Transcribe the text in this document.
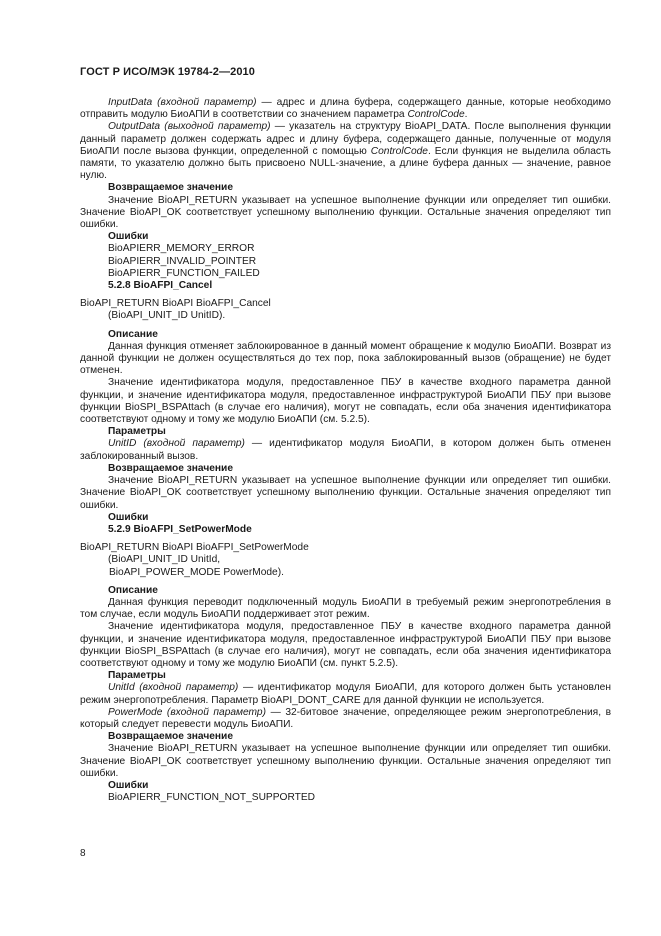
ГОСТ Р ИСО/МЭК 19784-2—2010

InputData (входной параметр) — адрес и длина буфера, содержащего данные, которые необходимо отправить модулю БиоАПИ в соответствии со значением параметра ControlCode.

OutputData (выходной параметр) — указатель на структуру BioAPI_DATA. После выполнения функции данный параметр должен содержать адрес и длину буфера, содержащего данные, полученные от модуля БиоАПИ после вызова функции, определенной с помощью ControlCode. Если функция не выделила область памяти, то указателю должно быть присвоено NULL-значение, а длине буфера данных — значение, равное нулю.

Возвращаемое значение

Значение BioAPI_RETURN указывает на успешное выполнение функции или определяет тип ошибки. Значение BioAPI_OK соответствует успешному выполнению функции. Остальные значения определяют тип ошибки.

Ошибки

BioAPIERR_MEMORY_ERROR

BioAPIERR_INVALID_POINTER

BioAPIERR_FUNCTION_FAILED

5.2.8 BioAFPI_Cancel

BioAPI_RETURN BioAPI BioAFPI_Cancel

(BioAPI_UNIT_ID UnitID).

Описание

Данная функция отменяет заблокированное в данный момент обращение к модулю БиоАПИ. Возврат из данной функции не должен осуществляться до тех пор, пока заблокированный вызов (обращение) не будет отменен.

Значение идентификатора модуля, предоставленное ПБУ в качестве входного параметра данной функции, и значение идентификатора модуля, предоставленное инфраструктурой БиоАПИ ПБУ при вызове функции BioSPI_BSPAttach (в случае его наличия), могут не совпадать, если оба значения идентификатора соответствуют одному и тому же модулю БиоАПИ (см. 5.2.5).

Параметры

UnitID (входной параметр) — идентификатор модуля БиоАПИ, в котором должен быть отменен заблокированный вызов.

Возвращаемое значение

Значение BioAPI_RETURN указывает на успешное выполнение функции или определяет тип ошибки. Значение BioAPI_OK соответствует успешному выполнению функции. Остальные значения определяют тип ошибки.

Ошибки

5.2.9 BioAFPI_SetPowerMode

BioAPI_RETURN BioAPI BioAFPI_SetPowerMode

(BioAPI_UNIT_ID UnitId,

BioAPI_POWER_MODE PowerMode).

Описание

Данная функция переводит подключенный модуль БиоАПИ в требуемый режим энергопотребления в том случае, если модуль БиоАПИ поддерживает этот режим.

Значение идентификатора модуля, предоставленное ПБУ в качестве входного параметра данной функции, и значение идентификатора модуля, предоставленное инфраструктурой БиоАПИ ПБУ при вызове функции BioSPI_BSPAttach (в случае его наличия), могут не совпадать, если оба значения идентификатора соответствуют одному и тому же модулю БиоАПИ (см. пункт 5.2.5).

Параметры

UnitId (входной параметр) — идентификатор модуля БиоАПИ, для которого должен быть установлен режим энергопотребления. Параметр BioAPI_DONT_CARE для данной функции не используется.

PowerMode (входной параметр) — 32-битовое значение, определяющее режим энергопотребления, в который следует перевести модуль БиоАПИ.

Возвращаемое значение

Значение BioAPI_RETURN указывает на успешное выполнение функции или определяет тип ошибки. Значение BioAPI_OK соответствует успешному выполнению функции. Остальные значения определяют тип ошибки.

Ошибки

BioAPIERR_FUNCTION_NOT_SUPPORTED

8
